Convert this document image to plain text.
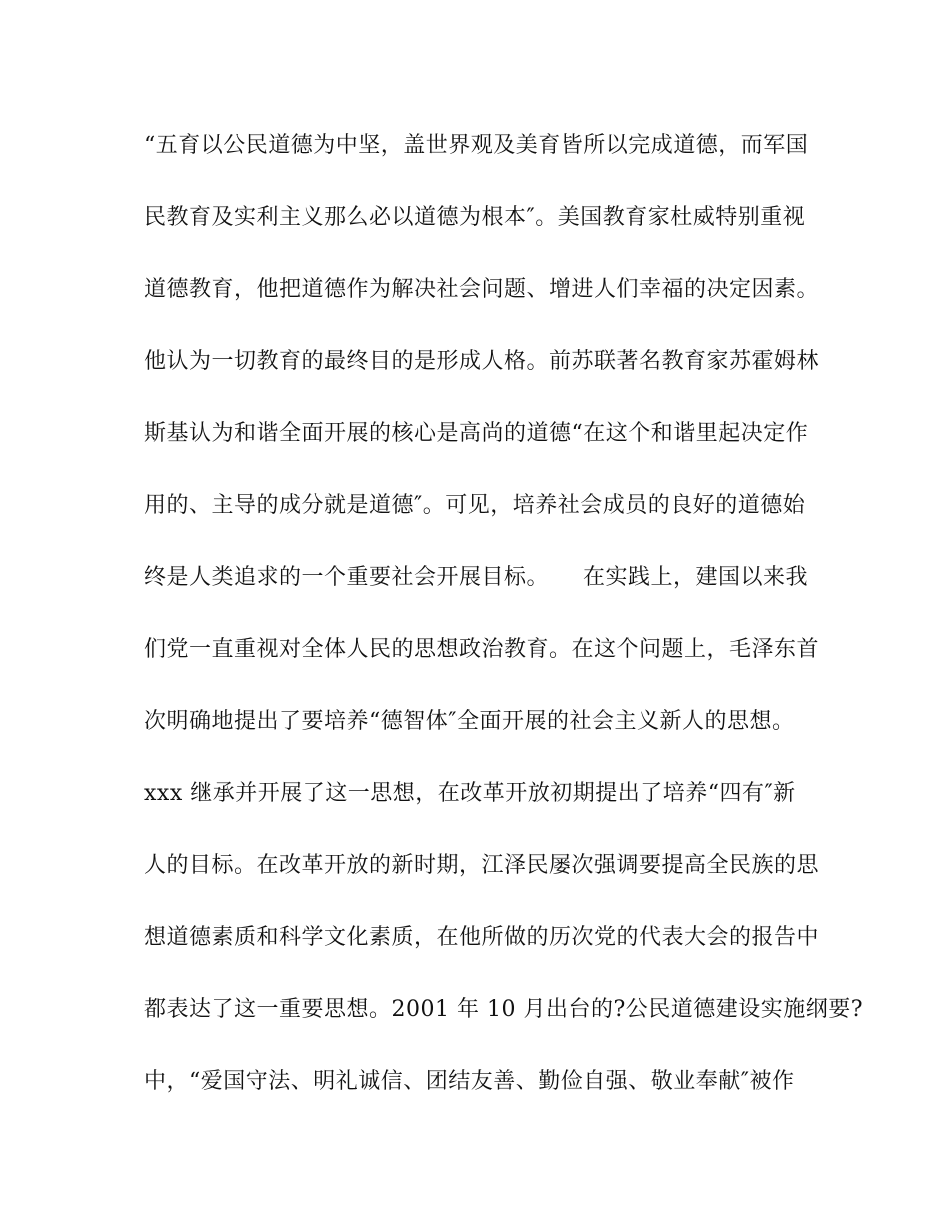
“五育以公民道德为中坚，盖世界观及美育皆所以完成道德，而军国
民教育及实利主义那么必以道德为根本″。美国教育家杜威特别重视
道德教育，他把道德作为解决社会问题、增进人们幸福的决定因素。
他认为一切教育的最终目的是形成人格。前苏联著名教育家苏霍姆林
斯基认为和谐全面开展的核心是高尚的道德“在这个和谐里起决定作
用的、主导的成分就是道德″。可见，培养社会成员的良好的道德始
终是人类追求的一个重要社会开展目标。　　在实践上，建国以来我
们党一直重视对全体人民的思想政治教育。在这个问题上，毛泽东首
次明确地提出了要培养“德智体″全面开展的社会主义新人的思想。
xxx 继承并开展了这一思想，在改革开放初期提出了培养“四有″新
人的目标。在改革开放的新时期，江泽民屡次强调要提高全民族的思
想道德素质和科学文化素质，在他所做的历次党的代表大会的报告中
都表达了这一重要思想。2001 年 10 月出台的?公民道德建设实施纲要?
中，“爱国守法、明礼诚信、团结友善、勤俭自强、敬业奉献″被作
